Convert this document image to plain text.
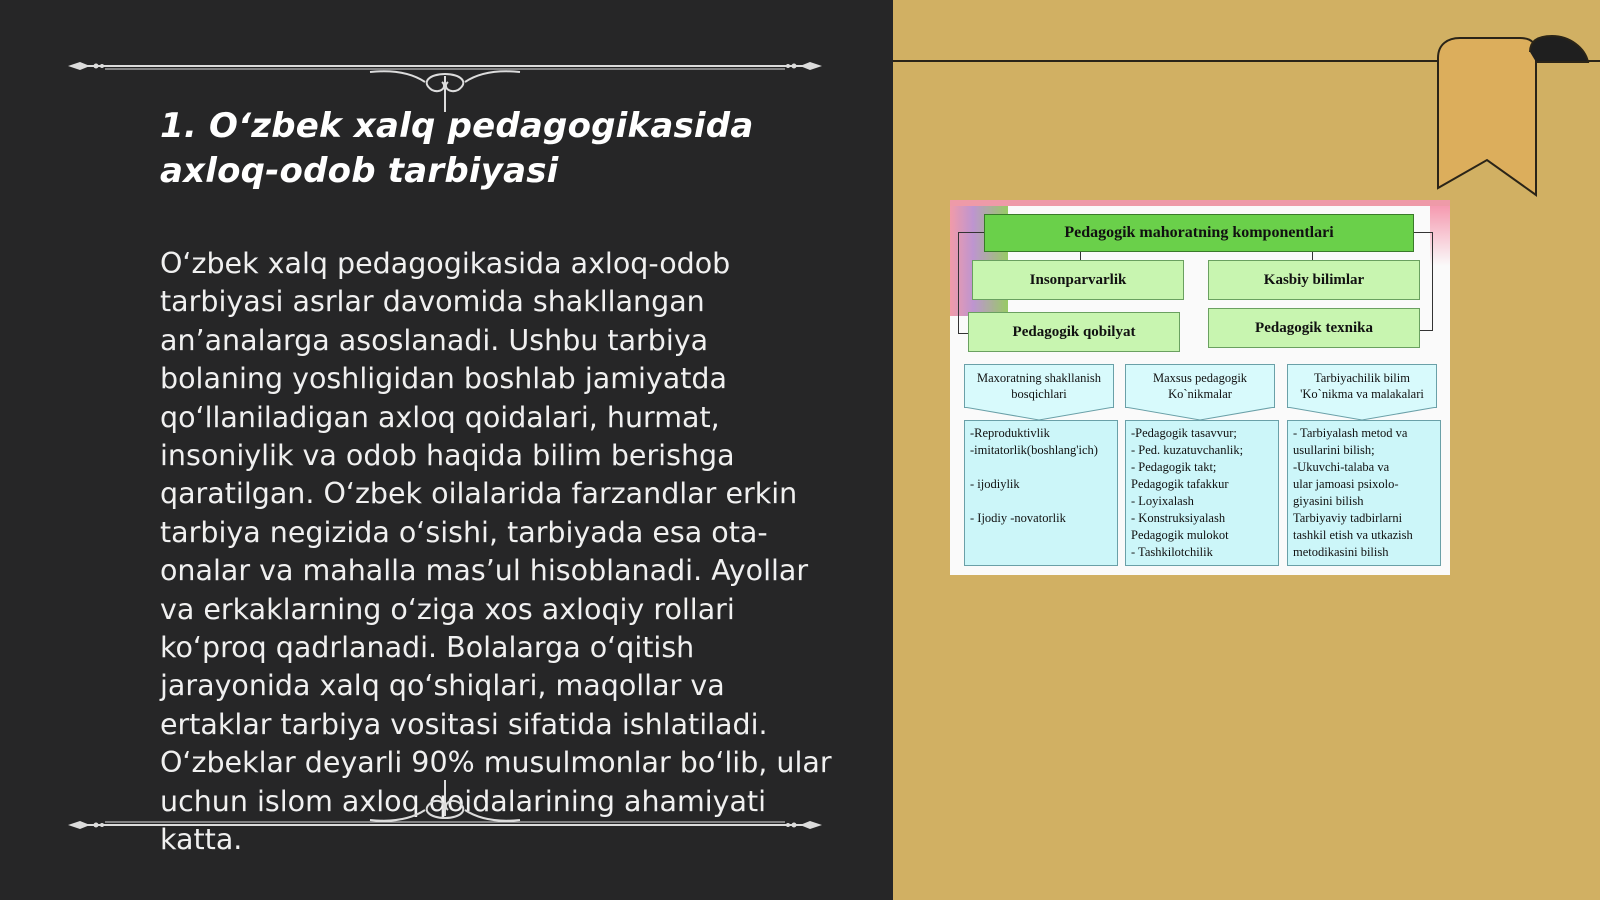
1. O‘zbek xalq pedagogikasida axloq-odob tarbiyasi

O‘zbek xalq pedagogikasida axloq-odob tarbiyasi asrlar davomida shakllangan an’analarga asoslanadi. Ushbu tarbiya bolaning yoshligidan boshlab jamiyatda qo‘llaniladigan axloq qoidalari, hurmat, insoniylik va odob haqida bilim berishga qaratilgan. O‘zbek oilalarida farzandlar erkin tarbiya negizida o‘sishi, tarbiyada esa ota-onalar va mahalla mas’ul hisoblanadi. Ayollar va erkaklarning o‘ziga xos axloqiy rollari ko‘proq qadrlanadi. Bolalarga o‘qitish jarayonida xalq qo‘shiqlari, maqollar va ertaklar tarbiya vositasi sifatida ishlatiladi. O‘zbeklar deyarli 90% musulmonlar bo‘lib, ular uchun islom axloq qoidalarining ahamiyati katta.

Pedagogik mahoratning komponentlari
Insonparvarlik	Kasbiy bilimlar
Pedagogik qobilyat	Pedagogik texnika
Maxoratning shakllanish
bosqichlari
Maxsus pedagogik
Ko`nikmalar
Tarbiyachilik bilim
'Ko`nikma va malakalari
-Reproduktivlik
-imitatorlik(boshlang'ich)

- ijodiylik

- Ijodiy -novatorlik
-Pedagogik tasavvur;
- Ped. kuzatuvchanlik;
- Pedagogik takt;
Pedagogik tafakkur
- Loyixalash
- Konstruksiyalash
Pedagogik mulokot
- Tashkilotchilik
- Tarbiyalash metod va
usullarini bilish;
-Ukuvchi-talaba va
ular jamoasi psixolo-
giyasini bilish
Tarbiyaviy tadbirlarni
tashkil etish va utkazish
metodikasini bilish
